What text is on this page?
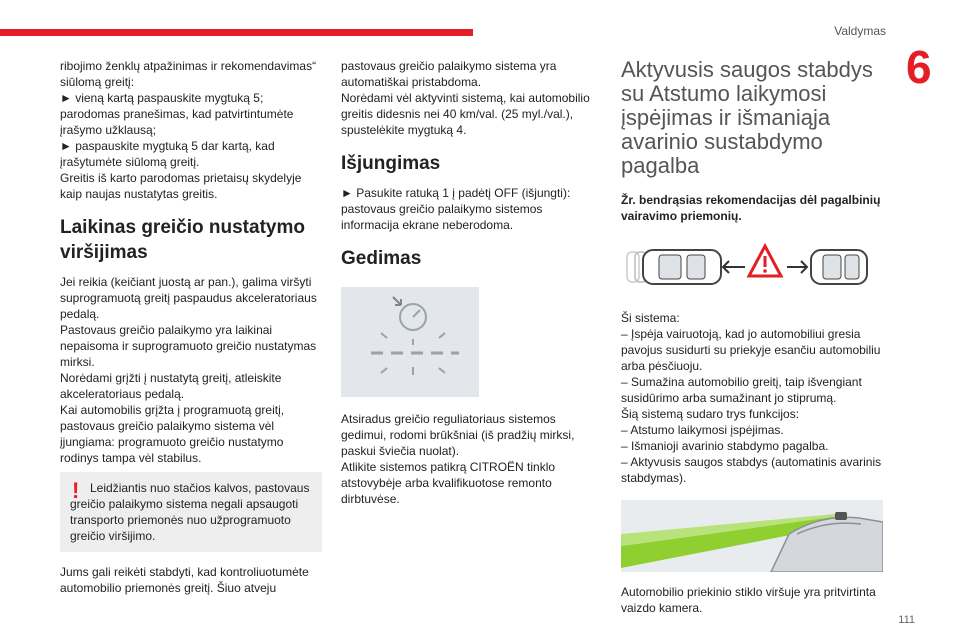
Valdymas
6
111

ribojimo ženklų atpažinimas ir rekomendavimas“ siūlomą greitį:

► vieną kartą paspauskite mygtuką 5; parodomas pranešimas, kad patvirtintumėte įrašymo užklausą;

► paspauskite mygtuką 5 dar kartą, kad įrašytumėte siūlomą greitį.

Greitis iš karto parodomas prietaisų skydelyje kaip naujas nustatytas greitis.

Laikinas greičio nustatymo viršijimas

Jei reikia (keičiant juostą ar pan.), galima viršyti suprogramuotą greitį paspaudus akceleratoriaus pedalą.

Pastovaus greičio palaikymo yra laikinai nepaisoma ir suprogramuoto greičio nustatymas mirksi.

Norėdami grįžti į nustatytą greitį, atleiskite akceleratoriaus pedalą.

Kai automobilis grįžta į programuotą greitį, pastovaus greičio palaikymo sistema vėl įjungiama: programuoto greičio nustatymo rodinys tampa vėl stabilus.

! Leidžiantis nuo stačios kalvos, pastovaus greičio palaikymo sistema negali apsaugoti transporto priemonės nuo užprogramuoto greičio viršijimo.

Jums gali reikėti stabdyti, kad kontroliuotumėte automobilio priemonės greitį. Šiuo atveju

pastovaus greičio palaikymo sistema yra automatiškai pristabdoma.

Norėdami vėl aktyvinti sistemą, kai automobilio greitis didesnis nei 40 km/val. (25 myl./val.), spustelėkite mygtuką 4.

Išjungimas

► Pasukite ratuką 1 į padėtį OFF (išjungti): pastovaus greičio palaikymo sistemos informacija ekrane neberodoma.

Gedimas

Atsiradus greičio reguliatoriaus sistemos gedimui, rodomi brūkšniai (iš pradžių mirksi, paskui šviečia nuolat).

Atlikite sistemos patikrą CITROËN tinklo atstovybėje arba kvalifikuotose remonto dirbtuvėse.

Aktyvusis saugos stabdys su Atstumo laikymosi įspėjimas ir išmaniąja avarinio sustabdymo pagalba

Žr. bendrąsias rekomendacijas dėl pagalbinių vairavimo priemonių.

Ši sistema:

– Įspėja vairuotoją, kad jo automobiliui gresia pavojus susidurti su priekyje esančiu automobiliu arba pėsčiuoju.

– Sumažina automobilio greitį, taip išvengiant susidūrimo arba sumažinant jo stiprumą.

Šią sistemą sudaro trys funkcijos:

– Atstumo laikymosi įspėjimas.

– Išmanioji avarinio stabdymo pagalba.

– Aktyvusis saugos stabdys (automatinis avarinis stabdymas).

Automobilio priekinio stiklo viršuje yra pritvirtinta vaizdo kamera.
